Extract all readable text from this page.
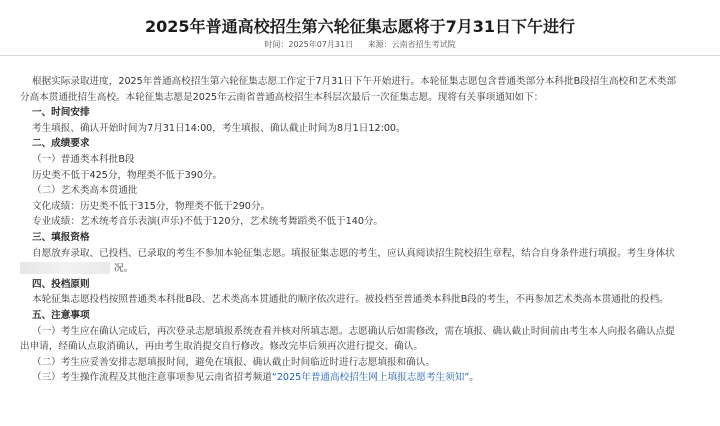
2025年普通高校招生第六轮征集志愿将于7月31日下午进行
时间：2025年07月31日 来源：云南省招生考试院

根据实际录取进度，2025年普通高校招生第六轮征集志愿工作定于7月31日下午开始进行。本轮征集志愿包含普通类部分本科批B段招生高校和艺术类部

分高本贯通批招生高校。本轮征集志愿是2025年云南省普通高校招生本科层次最后一次征集志愿。现将有关事项通知如下：

一、时间安排

考生填报、确认开始时间为7月31日14:00，考生填报、确认截止时间为8月1日12:00。

二、成绩要求

（一）普通类本科批B段

历史类不低于425分，物理类不低于390分。

（二）艺术类高本贯通批

文化成绩：历史类不低于315分，物理类不低于290分。

专业成绩：艺术统考音乐表演(声乐)不低于120分，艺术统考舞蹈类不低于140分。

三、填报资格

自愿放弃录取、已投档、已录取的考生不参加本轮征集志愿。填报征集志愿的考生，应认真阅读招生院校招生章程，结合自身条件进行填报。考生身体状

况。

四、投档原则

本轮征集志愿投档按照普通类本科批B段、艺术类高本贯通批的顺序依次进行。被投档至普通类本科批B段的考生，不再参加艺术类高本贯通批的投档。

五、注意事项

（一）考生应在确认完成后，再次登录志愿填报系统查看并核对所填志愿。志愿确认后如需修改，需在填报、确认截止时间前由考生本人向报名确认点提

出申请，经确认点取消确认，再由考生取消提交自行修改。修改完毕后须再次进行提交、确认。

（二）考生应妥善安排志愿填报时间，避免在填报、确认截止时间临近时进行志愿填报和确认。

（三）考生操作流程及其他注意事项参见云南省招考频道“2025年普通高校招生网上填报志愿考生须知”。
